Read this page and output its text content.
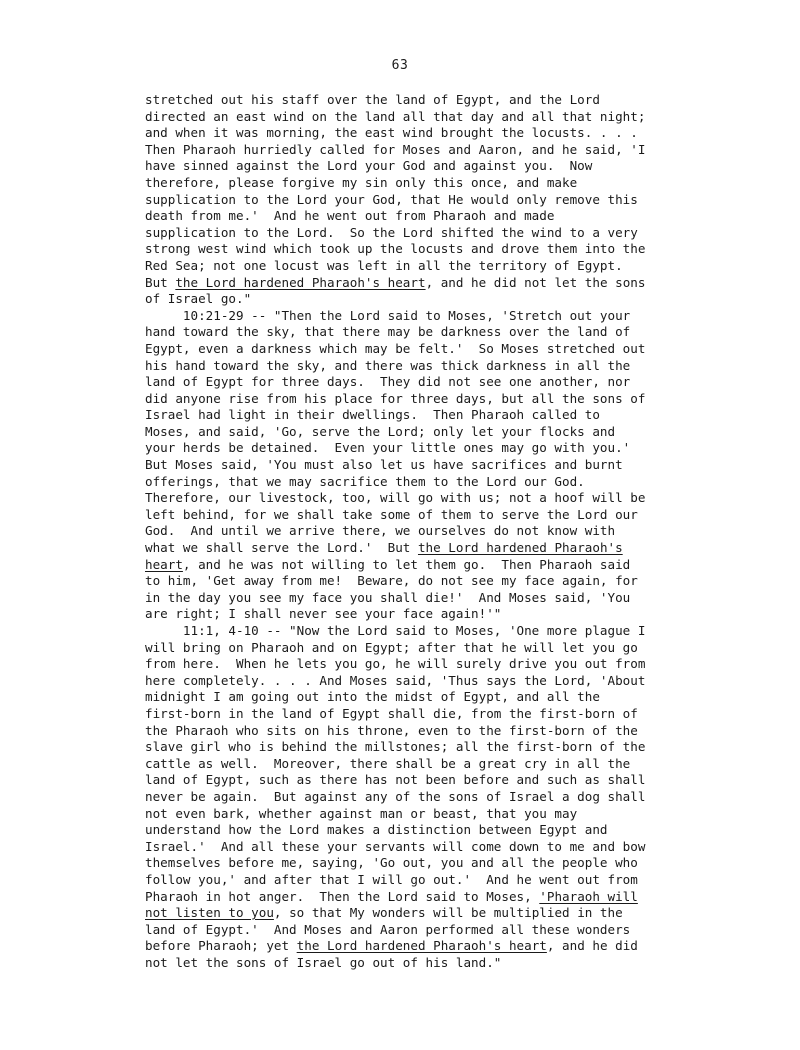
63
stretched out his staff over the land of Egypt, and the Lord
directed an east wind on the land all that day and all that night;
and when it was morning, the east wind brought the locusts. . . .
Then Pharaoh hurriedly called for Moses and Aaron, and he said, 'I
have sinned against the Lord your God and against you.  Now
therefore, please forgive my sin only this once, and make
supplication to the Lord your God, that He would only remove this
death from me.'  And he went out from Pharaoh and made
supplication to the Lord.  So the Lord shifted the wind to a very
strong west wind which took up the locusts and drove them into the
Red Sea; not one locust was left in all the territory of Egypt.
But the Lord hardened Pharaoh's heart, and he did not let the sons
of Israel go."
10:21-29 -- "Then the Lord said to Moses, 'Stretch out your
hand toward the sky, that there may be darkness over the land of
Egypt, even a darkness which may be felt.'  So Moses stretched out
his hand toward the sky, and there was thick darkness in all the
land of Egypt for three days.  They did not see one another, nor
did anyone rise from his place for three days, but all the sons of
Israel had light in their dwellings.  Then Pharaoh called to
Moses, and said, 'Go, serve the Lord; only let your flocks and
your herds be detained.  Even your little ones may go with you.'
But Moses said, 'You must also let us have sacrifices and burnt
offerings, that we may sacrifice them to the Lord our God.
Therefore, our livestock, too, will go with us; not a hoof will be
left behind, for we shall take some of them to serve the Lord our
God.  And until we arrive there, we ourselves do not know with
what we shall serve the Lord.'  But the Lord hardened Pharaoh's
heart, and he was not willing to let them go.  Then Pharaoh said
to him, 'Get away from me!  Beware, do not see my face again, for
in the day you see my face you shall die!'  And Moses said, 'You
are right; I shall never see your face again!'"
11:1, 4-10 -- "Now the Lord said to Moses, 'One more plague I
will bring on Pharaoh and on Egypt; after that he will let you go
from here.  When he lets you go, he will surely drive you out from
here completely. . . . And Moses said, 'Thus says the Lord, 'About
midnight I am going out into the midst of Egypt, and all the
first-born in the land of Egypt shall die, from the first-born of
the Pharaoh who sits on his throne, even to the first-born of the
slave girl who is behind the millstones; all the first-born of the
cattle as well.  Moreover, there shall be a great cry in all the
land of Egypt, such as there has not been before and such as shall
never be again.  But against any of the sons of Israel a dog shall
not even bark, whether against man or beast, that you may
understand how the Lord makes a distinction between Egypt and
Israel.'  And all these your servants will come down to me and bow
themselves before me, saying, 'Go out, you and all the people who
follow you,' and after that I will go out.'  And he went out from
Pharaoh in hot anger.  Then the Lord said to Moses, 'Pharaoh will
not listen to you, so that My wonders will be multiplied in the
land of Egypt.'  And Moses and Aaron performed all these wonders
before Pharaoh; yet the Lord hardened Pharaoh's heart, and he did
not let the sons of Israel go out of his land."
